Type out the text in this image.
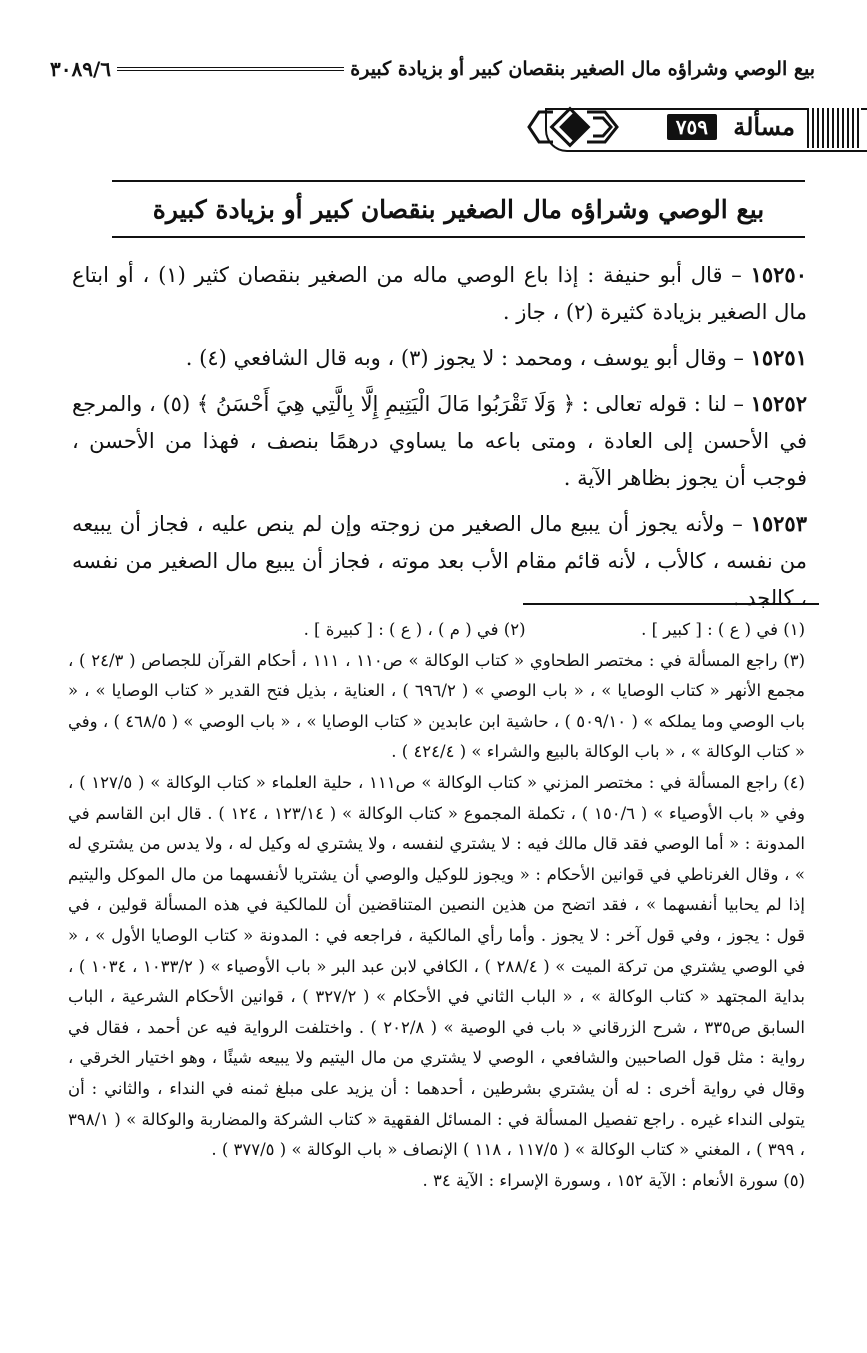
بيع الوصي وشراؤه مال الصغير بنقصان كبير أو بزيادة كبيرة
٣٠٨٩/٦
مسألة
٧٥٩
بيع الوصي وشراؤه مال الصغير بنقصان كبير أو بزيادة كبيرة

١٥٢٥٠ – قال أبو حنيفة : إذا باع الوصي ماله من الصغير بنقصان كثير (١) ، أو ابتاع مال الصغير بزيادة كثيرة (٢) ، جاز .

١٥٢٥١ – وقال أبو يوسف ، ومحمد : لا يجوز (٣) ، وبه قال الشافعي (٤) .

١٥٢٥٢ – لنا : قوله تعالى : ﴿ وَلَا تَقْرَبُوا مَالَ الْيَتِيمِ إِلَّا بِالَّتِي هِيَ أَحْسَنُ ﴾ (٥) ، والمرجع في الأحسن إلى العادة ، ومتى باعه ما يساوي درهمًا بنصف ، فهذا من الأحسن ، فوجب أن يجوز بظاهر الآية .

١٥٢٥٣ – ولأنه يجوز أن يبيع مال الصغير من زوجته وإن لم ينص عليه ، فجاز أن يبيعه من نفسه ، كالأب ، لأنه قائم مقام الأب بعد موته ، فجاز أن يبيع مال الصغير من نفسه ، كالجد .

(١) في ( ع ) : [ كبير ] .
(٢) في ( م ) ، ( ع ) : [ كبيرة ] .

(٣) راجع المسألة في : مختصر الطحاوي « كتاب الوكالة » ص١١٠ ، ١١١ ، أحكام القرآن للجصاص ( ٢٤/٣ ) ، مجمع الأنهر « كتاب الوصايا » ، « باب الوصي » ( ٦٩٦/٢ ) ، العناية ، بذيل فتح القدير « كتاب الوصايا » ، « باب الوصي وما يملكه » ( ٥٠٩/١٠ ) ، حاشية ابن عابدين « كتاب الوصايا » ، « باب الوصي » ( ٤٦٨/٥ ) ، وفي « كتاب الوكالة » ، « باب الوكالة بالبيع والشراء » ( ٤٢٤/٤ ) .

(٤) راجع المسألة في : مختصر المزني « كتاب الوكالة » ص١١١ ، حلية العلماء « كتاب الوكالة » ( ١٢٧/٥ ) ، وفي « باب الأوصياء » ( ١٥٠/٦ ) ، تكملة المجموع « كتاب الوكالة » ( ١٢٣/١٤ ، ١٢٤ ) . قال ابن القاسم في المدونة : « أما الوصي فقد قال مالك فيه : لا يشتري لنفسه ، ولا يشتري له وكيل له ، ولا يدس من يشتري له » ، وقال الغرناطي في قوانين الأحكام : « ويجوز للوكيل والوصي أن يشتريا لأنفسهما من مال الموكل واليتيم إذا لم يحابيا أنفسهما » ، فقد اتضح من هذين النصين المتناقضين أن للمالكية في هذه المسألة قولين ، في قول : يجوز ، وفي قول آخر : لا يجوز . وأما رأي المالكية ، فراجعه في : المدونة « كتاب الوصايا الأول » ، « في الوصي يشتري من تركة الميت » ( ٢٨٨/٤ ) ، الكافي لابن عبد البر « باب الأوصياء » ( ١٠٣٣/٢ ، ١٠٣٤ ) ، بداية المجتهد « كتاب الوكالة » ، « الباب الثاني في الأحكام » ( ٣٢٧/٢ ) ، قوانين الأحكام الشرعية ، الباب السابق ص٣٣٥ ، شرح الزرقاني « باب في الوصية » ( ٢٠٢/٨ ) . واختلفت الرواية فيه عن أحمد ، فقال في رواية : مثل قول الصاحبين والشافعي ، الوصي لا يشتري من مال اليتيم ولا يبيعه شيئًا ، وهو اختيار الخرقي ، وقال في رواية أخرى : له أن يشتري بشرطين ، أحدهما : أن يزيد على مبلغ ثمنه في النداء ، والثاني : أن يتولى النداء غيره . راجع تفصيل المسألة في : المسائل الفقهية « كتاب الشركة والمضاربة والوكالة » ( ٣٩٨/١ ، ٣٩٩ ) ، المغني « كتاب الوكالة » ( ١١٧/٥ ، ١١٨ ) الإنصاف « باب الوكالة » ( ٣٧٧/٥ ) .

(٥) سورة الأنعام : الآية ١٥٢ ، وسورة الإسراء : الآية ٣٤ .
